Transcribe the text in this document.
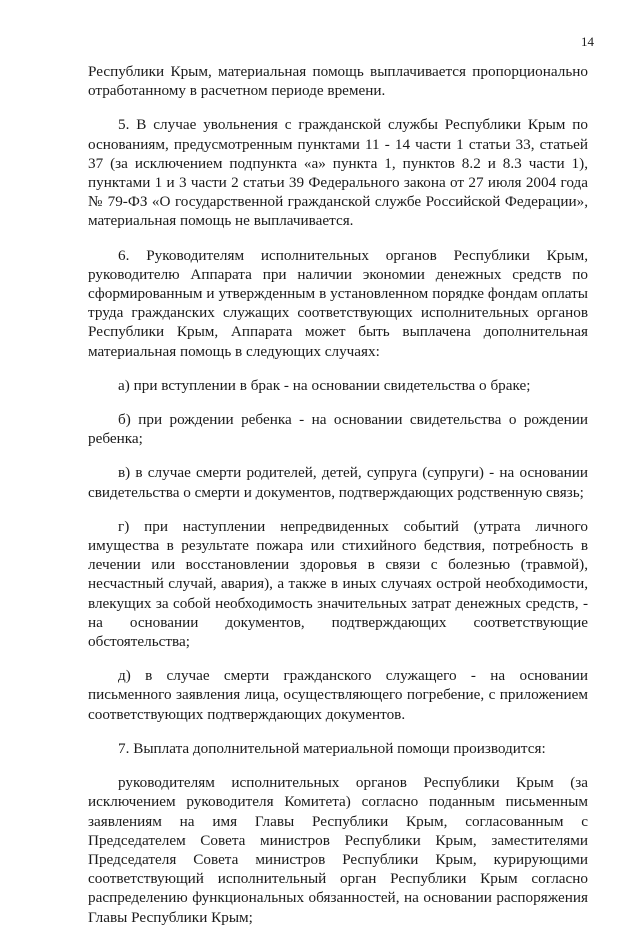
14

Республики Крым, материальная помощь выплачивается пропорционально отработанному в расчетном периоде времени.

5. В случае увольнения с гражданской службы Республики Крым по основаниям, предусмотренным пунктами 11 - 14 части 1 статьи 33, статьей 37 (за исключением подпункта «а» пункта 1, пунктов 8.2 и 8.3 части 1), пунктами 1 и 3 части 2 статьи 39 Федерального закона от 27 июля 2004 года № 79-ФЗ «О государственной гражданской службе Российской Федерации», материальная помощь не выплачивается.

6. Руководителям исполнительных органов Республики Крым, руководителю Аппарата при наличии экономии денежных средств по сформированным и утвержденным в установленном порядке фондам оплаты труда гражданских служащих соответствующих исполнительных органов Республики Крым, Аппарата может быть выплачена дополнительная материальная помощь в следующих случаях:

а) при вступлении в брак - на основании свидетельства о браке;

б) при рождении ребенка - на основании свидетельства о рождении ребенка;

в) в случае смерти родителей, детей, супруга (супруги) - на основании свидетельства о смерти и документов, подтверждающих родственную связь;

г) при наступлении непредвиденных событий (утрата личного имущества в результате пожара или стихийного бедствия, потребность в лечении или восстановлении здоровья в связи с болезнью (травмой), несчастный случай, авария), а также в иных случаях острой необходимости, влекущих за собой необходимость значительных затрат денежных средств, - на основании документов, подтверждающих соответствующие обстоятельства;

д) в случае смерти гражданского служащего - на основании письменного заявления лица, осуществляющего погребение, с приложением соответствующих подтверждающих документов.

7. Выплата дополнительной материальной помощи производится:

руководителям исполнительных органов Республики Крым (за исключением руководителя Комитета) согласно поданным письменным заявлениям на имя Главы Республики Крым, согласованным с Председателем Совета министров Республики Крым, заместителями Председателя Совета министров Республики Крым, курирующими соответствующий исполнительный орган Республики Крым согласно распределению функциональных обязанностей, на основании распоряжения Главы Республики Крым;
